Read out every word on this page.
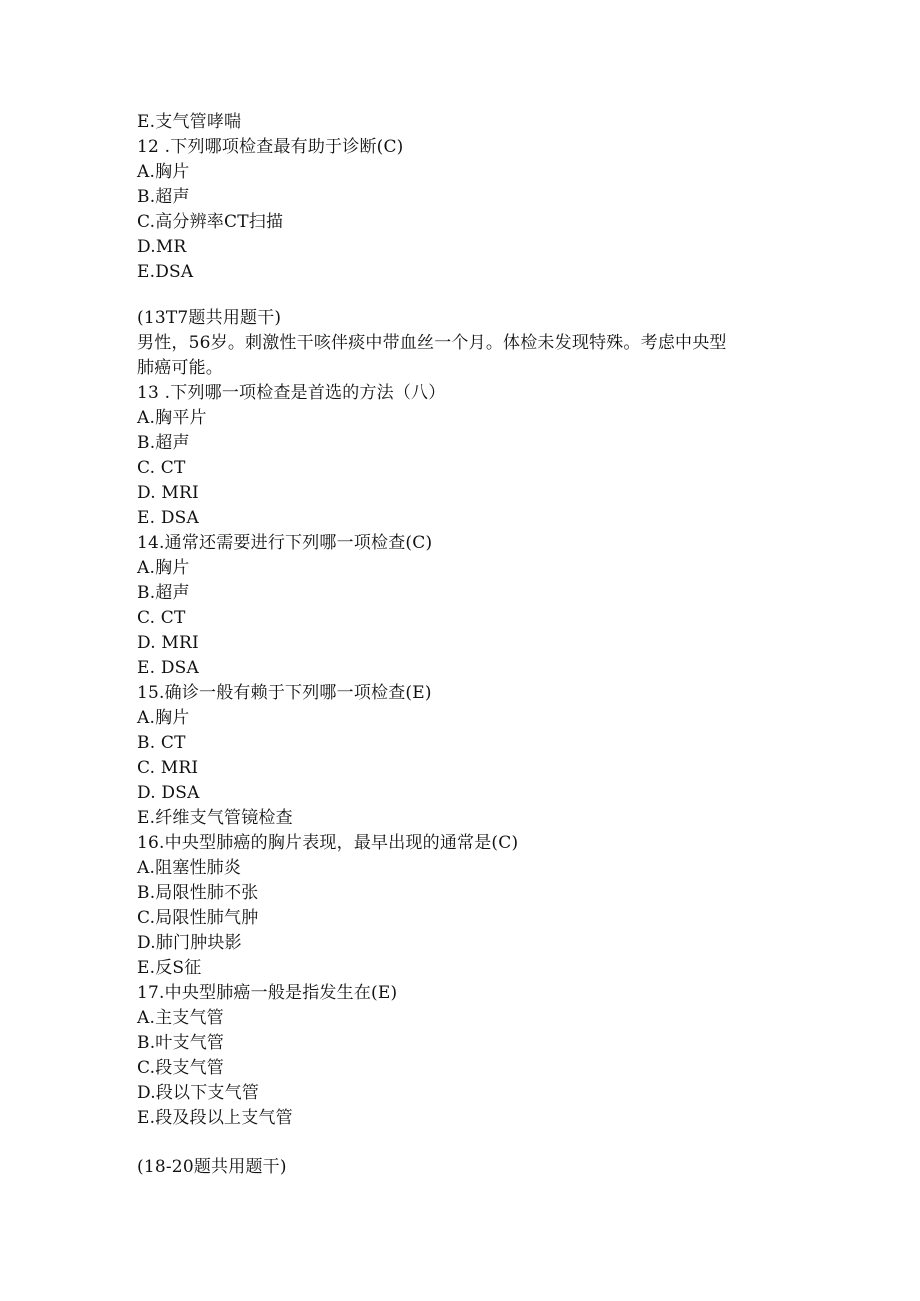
E.支气管哮喘
12 .下列哪项检查最有助于诊断(C)
A.胸片
B.超声
C.高分辨率CT扫描
D.MR
E.DSA
(13T7题共用题干)
男性，56岁。刺激性干咳伴痰中带血丝一个月。体检未发现特殊。考虑中央型
肺癌可能。
13 .下列哪一项检查是首选的方法（八）
A.胸平片
B.超声
C. CT
D. MRI
E. DSA
14.通常还需要进行下列哪一项检查(C)
A.胸片
B.超声
C. CT
D. MRI
E. DSA
15.确诊一般有赖于下列哪一项检查(E)
A.胸片
B. CT
C. MRI
D. DSA
E.纤维支气管镜检查
16.中央型肺癌的胸片表现，最早出现的通常是(C)
A.阻塞性肺炎
B.局限性肺不张
C.局限性肺气肿
D.肺门肿块影
E.反S征
17.中央型肺癌一般是指发生在(E)
A.主支气管
B.叶支气管
C.段支气管
D.段以下支气管
E.段及段以上支气管
(18-20题共用题干)
